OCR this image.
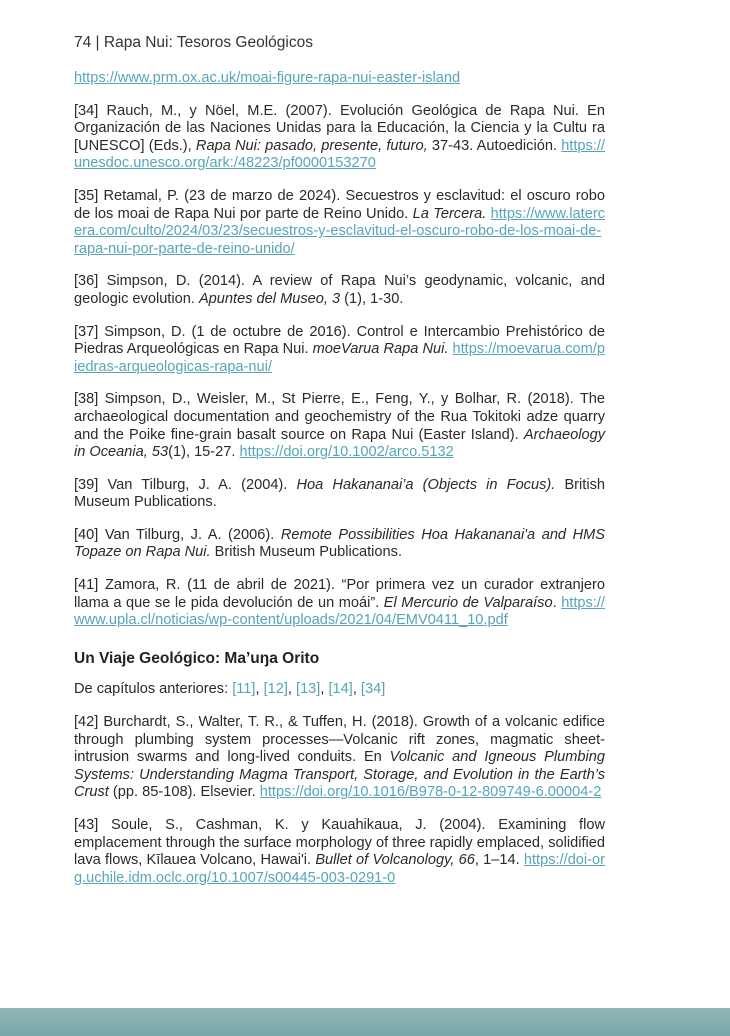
74 | Rapa Nui: Tesoros Geológicos

https://www.prm.ox.ac.uk/moai-figure-rapa-nui-easter-island

[34] Rauch, M., y Nöel, M.E. (2007). Evolución Geológica de Rapa Nui. En Organización de las Naciones Unidas para la Educación, la Ciencia y la Cultu ra [UNESCO] (Eds.), Rapa Nui: pasado, presente, futuro, 37-43. Autoedición. https://unesdoc.unesco.org/ark:/48223/pf0000153270

[35] Retamal, P. (23 de marzo de 2024). Secuestros y esclavitud: el oscuro robo de los moai de Rapa Nui por parte de Reino Unido. La Tercera. https://www.latercera.com/culto/2024/03/23/secuestros-y-esclavitud-el-oscuro-robo-de-los-moai-de-rapa-nui-por-parte-de-reino-unido/

[36] Simpson, D. (2014). A review of Rapa Nui’s geodynamic, volcanic, and geologic evolution. Apuntes del Museo, 3 (1), 1-30.

[37] Simpson, D. (1 de octubre de 2016). Control e Intercambio Prehistórico de Piedras Arqueológicas en Rapa Nui. moeVarua Rapa Nui. https://moevarua.com/piedras-arqueologicas-rapa-nui/

[38] Simpson, D., Weisler, M., St Pierre, E., Feng, Y., y Bolhar, R. (2018). The archaeological documentation and geochemistry of the Rua Tokitoki adze quarry and the Poike fine-grain basalt source on Rapa Nui (Easter Island). Archaeology in Oceania, 53(1), 15-27. https://doi.org/10.1002/arco.5132

[39] Van Tilburg, J. A. (2004). Hoa Hakananai’a (Objects in Focus). British Museum Publications.

[40] Van Tilburg, J. A. (2006). Remote Possibilities Hoa Hakananai'a and HMS Topaze on Rapa Nui. British Museum Publications.

[41] Zamora, R. (11 de abril de 2021). “Por primera vez un curador extranjero llama a que se le pida devolución de un moái”. El Mercurio de Valparaíso. https://www.upla.cl/noticias/wp-content/uploads/2021/04/EMV0411_10.pdf

Un Viaje Geológico: Ma’uŋa Orito

De capítulos anteriores: [11], [12], [13], [14], [34]

[42] Burchardt, S., Walter, T. R., & Tuffen, H. (2018). Growth of a volcanic edifice through plumbing system processes—Volcanic rift zones, magmatic sheet-intrusion swarms and long-lived conduits. En Volcanic and Igneous Plumbing Systems: Understanding Magma Transport, Storage, and Evolution in the Earth’s Crust (pp. 85-108). Elsevier. https://doi.org/10.1016/B978-0-12-809749-6.00004-2

[43] Soule, S., Cashman, K. y Kauahikaua, J. (2004). Examining flow emplacement through the surface morphology of three rapidly emplaced, solidified lava flows, Kīlauea Volcano, Hawai'i. Bullet of Volcanology, 66, 1–14. https://doi-org.uchile.idm.oclc.org/10.1007/s00445-003-0291-0
